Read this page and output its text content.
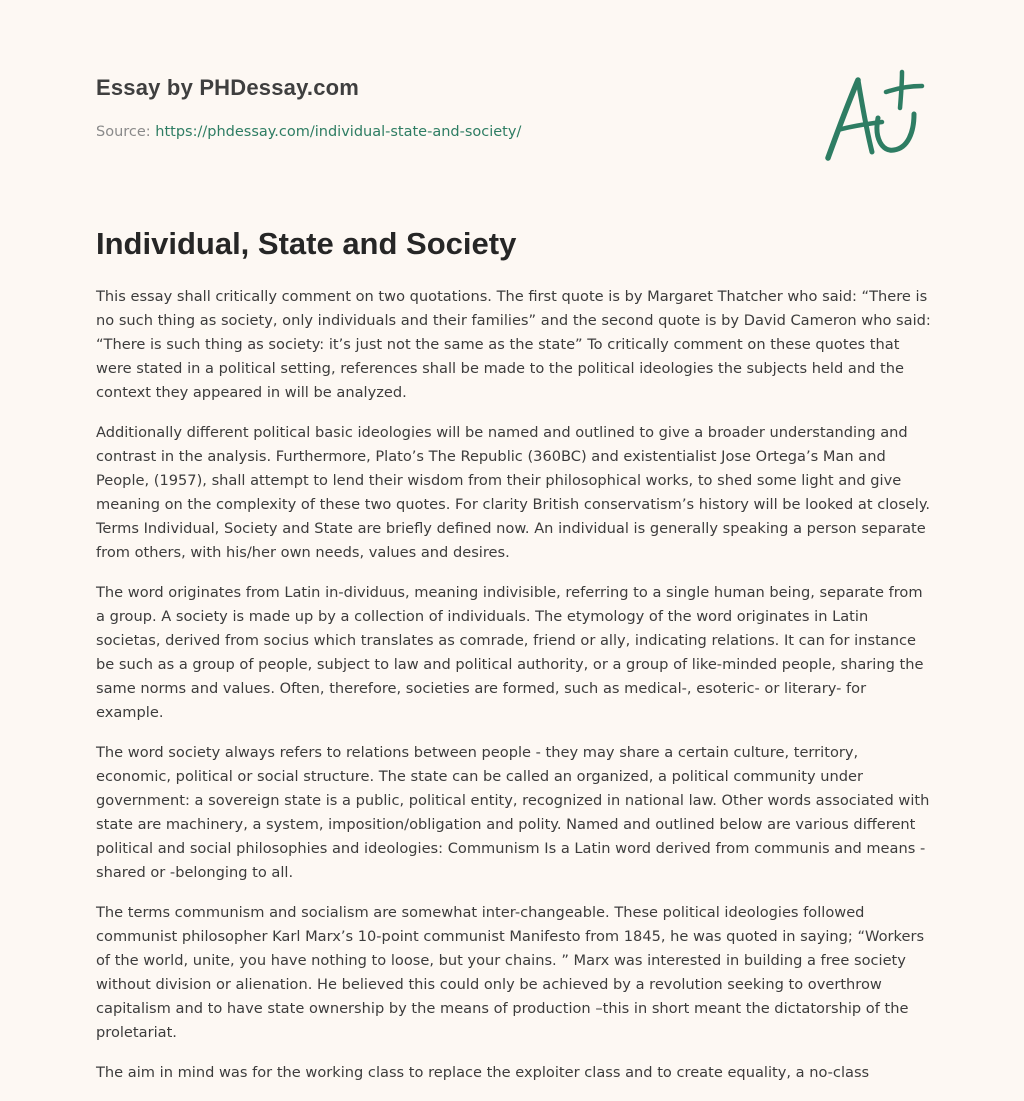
Essay by PHDessay.com
Source: https://phdessay.com/individual-state-and-society/
Individual, State and Society

This essay shall critically comment on two quotations. The first quote is by Margaret Thatcher who said: “There is no such thing as society, only individuals and their families” and the second quote is by David Cameron who said: “There is such thing as society: it’s just not the same as the state” To critically comment on these quotes that were stated in a political setting, references shall be made to the political ideologies the subjects held and the context they appeared in will be analyzed.

Additionally different political basic ideologies will be named and outlined to give a broader understanding and contrast in the analysis. Furthermore, Plato’s The Republic (360BC) and existentialist Jose Ortega’s Man and People, (1957), shall attempt to lend their wisdom from their philosophical works, to shed some light and give meaning on the complexity of these two quotes. For clarity British conservatism’s history will be looked at closely. Terms Individual, Society and State are briefly defined now. An individual is generally speaking a person separate from others, with his/her own needs, values and desires.

The word originates from Latin in-dividuus, meaning indivisible, referring to a single human being, separate from a group. A society is made up by a collection of individuals. The etymology of the word originates in Latin societas, derived from socius which translates as comrade, friend or ally, indicating relations. It can for instance be such as a group of people, subject to law and political authority, or a group of like-minded people, sharing the same norms and values. Often, therefore, societies are formed, such as medical-, esoteric- or literary- for example.

The word society always refers to relations between people - they may share a certain culture, territory, economic, political or social structure. The state can be called an organized, a political community under government: a sovereign state is a public, political entity, recognized in national law. Other words associated with state are machinery, a system, imposition/obligation and polity. Named and outlined below are various different political and social philosophies and ideologies: Communism Is a Latin word derived from communis and means -shared or -belonging to all.

The terms communism and socialism are somewhat inter-changeable. These political ideologies followed communist philosopher Karl Marx’s 10-point communist Manifesto from 1845, he was quoted in saying; “Workers of the world, unite, you have nothing to loose, but your chains. ” Marx was interested in building a free society without division or alienation. He believed this could only be achieved by a revolution seeking to overthrow capitalism and to have state ownership by the means of production –this in short meant the dictatorship of the proletariat.

The aim in mind was for the working class to replace the exploiter class and to create equality, a no-class
